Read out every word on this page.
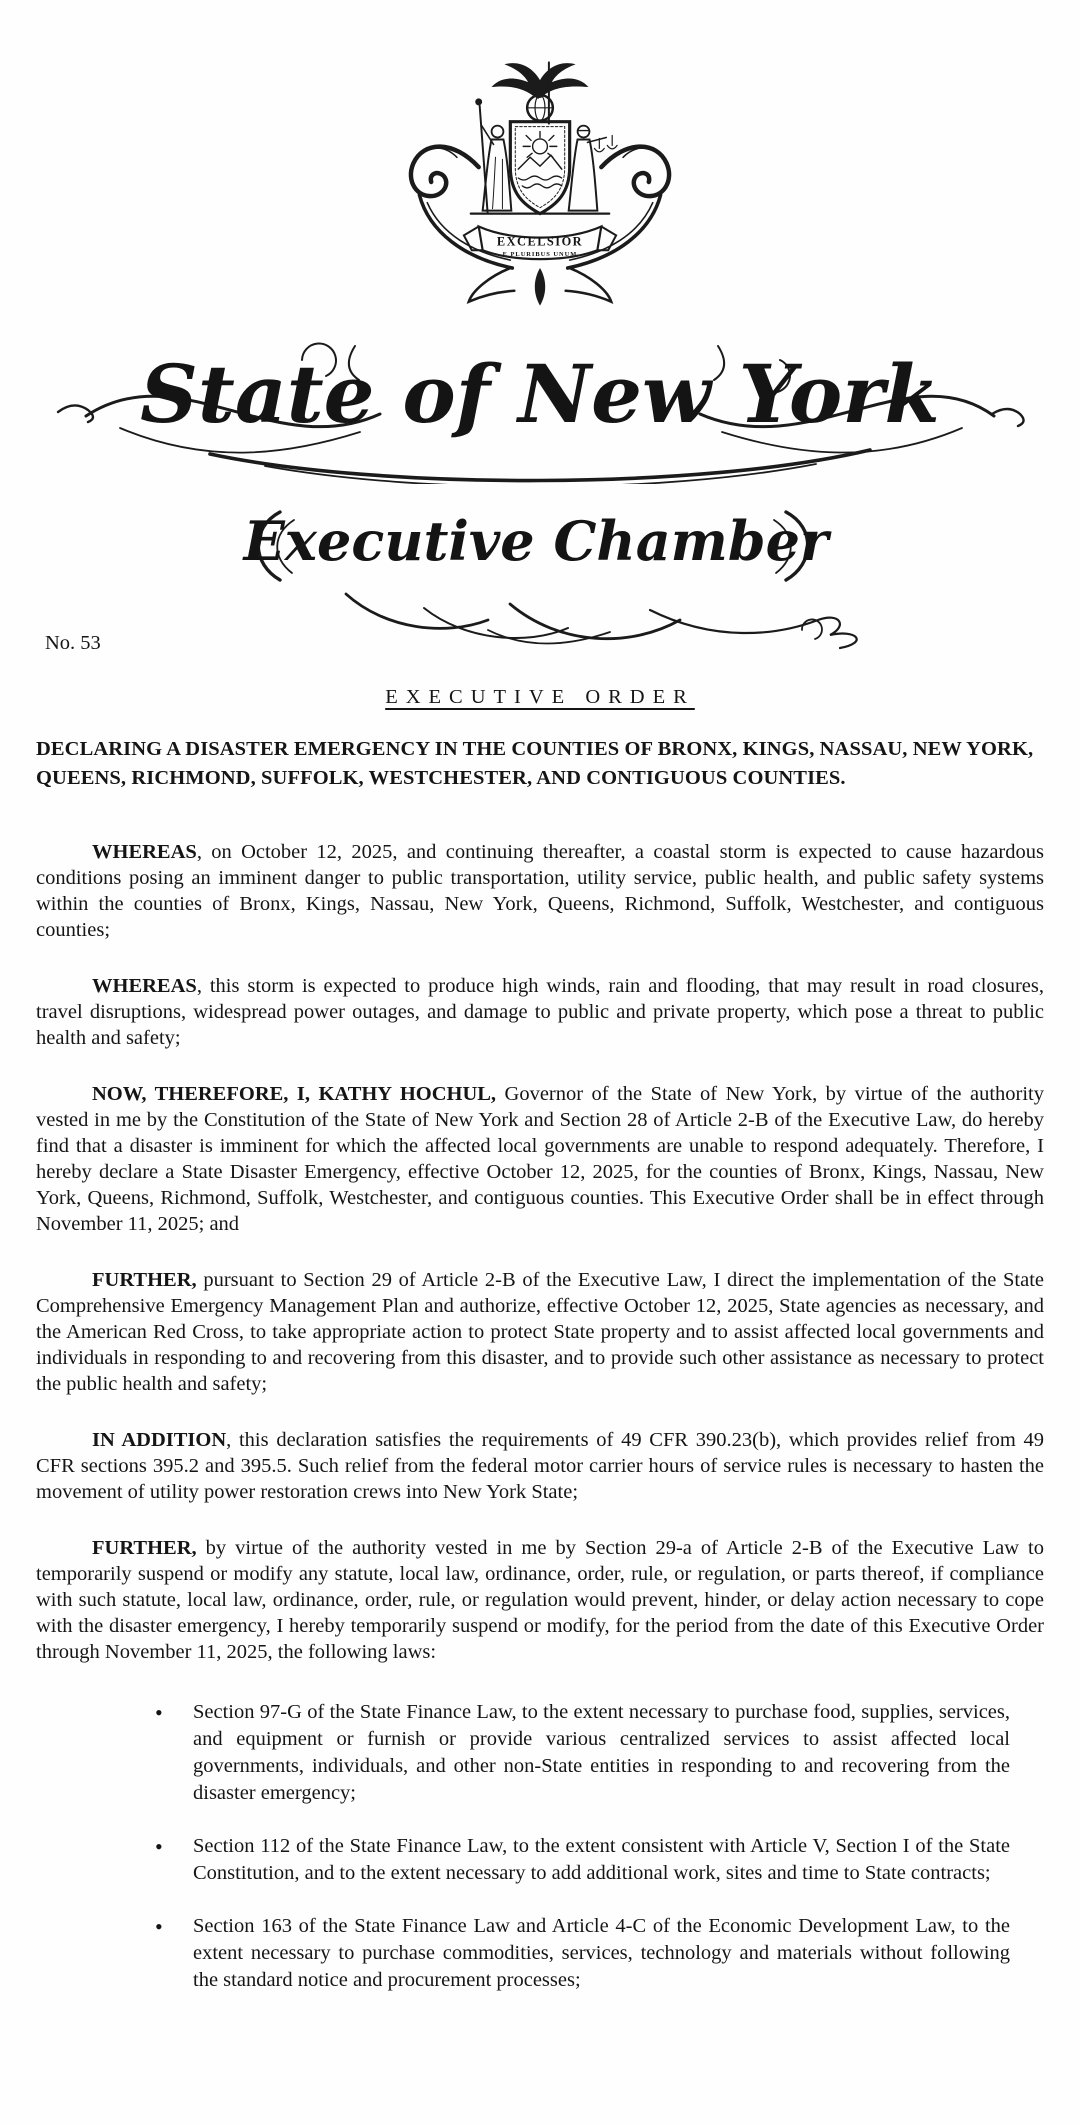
EXCELSIOR
E PLURIBUS UNUM
State of New York
Executive Chamber
No. 53
EXECUTIVE ORDER

DECLARING A DISASTER EMERGENCY IN THE COUNTIES OF BRONX, KINGS, NASSAU, NEW YORK, QUEENS, RICHMOND, SUFFOLK, WESTCHESTER, AND CONTIGUOUS COUNTIES.

WHEREAS, on October 12, 2025, and continuing thereafter, a coastal storm is expected to cause hazardous conditions posing an imminent danger to public transportation, utility service, public health, and public safety systems within the counties of Bronx, Kings, Nassau, New York, Queens, Richmond, Suffolk, Westchester, and contiguous counties;

WHEREAS, this storm is expected to produce high winds, rain and flooding, that may result in road closures, travel disruptions, widespread power outages, and damage to public and private property, which pose a threat to public health and safety;

NOW, THEREFORE, I, KATHY HOCHUL, Governor of the State of New York, by virtue of the authority vested in me by the Constitution of the State of New York and Section 28 of Article 2-B of the Executive Law, do hereby find that a disaster is imminent for which the affected local governments are unable to respond adequately. Therefore, I hereby declare a State Disaster Emergency, effective October 12, 2025, for the counties of Bronx, Kings, Nassau, New York, Queens, Richmond, Suffolk, Westchester, and contiguous counties. This Executive Order shall be in effect through November 11, 2025; and

FURTHER, pursuant to Section 29 of Article 2-B of the Executive Law, I direct the implementation of the State Comprehensive Emergency Management Plan and authorize, effective October 12, 2025, State agencies as necessary, and the American Red Cross, to take appropriate action to protect State property and to assist affected local governments and individuals in responding to and recovering from this disaster, and to provide such other assistance as necessary to protect the public health and safety;

IN ADDITION, this declaration satisfies the requirements of 49 CFR 390.23(b), which provides relief from 49 CFR sections 395.2 and 395.5. Such relief from the federal motor carrier hours of service rules is necessary to hasten the movement of utility power restoration crews into New York State;

FURTHER, by virtue of the authority vested in me by Section 29-a of Article 2-B of the Executive Law to temporarily suspend or modify any statute, local law, ordinance, order, rule, or regulation, or parts thereof, if compliance with such statute, local law, ordinance, order, rule, or regulation would prevent, hinder, or delay action necessary to cope with the disaster emergency, I hereby temporarily suspend or modify, for the period from the date of this Executive Order through November 11, 2025, the following laws:

• Section 97-G of the State Finance Law, to the extent necessary to purchase food, supplies, services, and equipment or furnish or provide various centralized services to assist affected local governments, individuals, and other non-State entities in responding to and recovering from the disaster emergency;
• Section 112 of the State Finance Law, to the extent consistent with Article V, Section I of the State Constitution, and to the extent necessary to add additional work, sites and time to State contracts;
• Section 163 of the State Finance Law and Article 4-C of the Economic Development Law, to the extent necessary to purchase commodities, services, technology and materials without following the standard notice and procurement processes;
